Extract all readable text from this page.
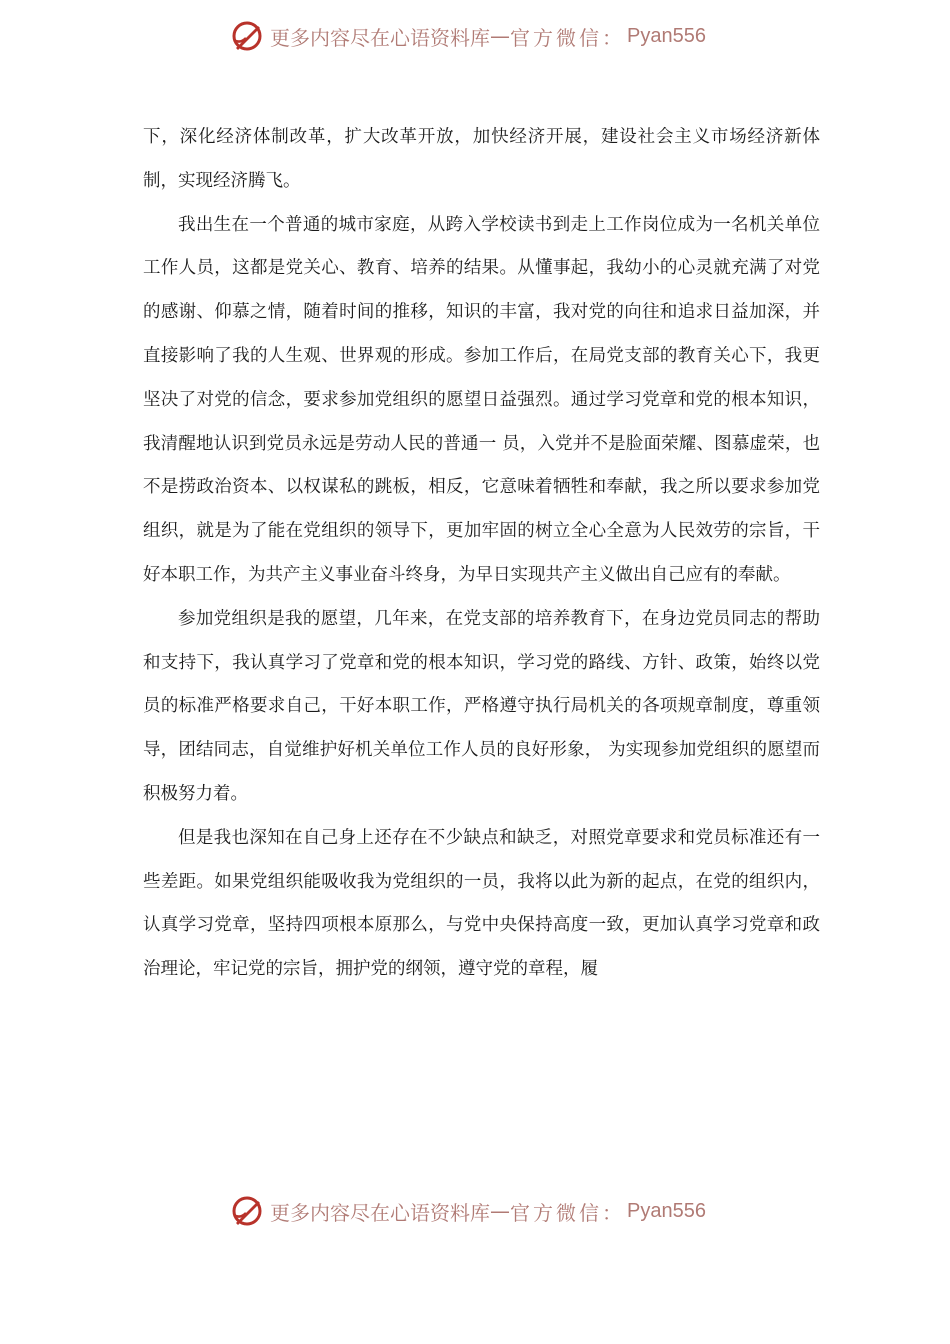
更多内容尽在心语资料库 — 官方微信： Pyan556

下，深化经济体制改革，扩大改革开放，加快经济开展，建设社会主义市场经济新体制，实现经济腾飞。

我出生在一个普通的城市家庭，从跨入学校读书到走上工作岗位成为一名机关单位工作人员，这都是党关心、教育、培养的结果。从懂事起，我幼小的心灵就充满了对党的感谢、仰慕之情，随着时间的推移，知识的丰富，我对党的向往和追求日益加深，并直接影响了我的人生观、世界观的形成。参加工作后，在局党支部的教育关心下，我更坚决了对党的信念，要求参加党组织的愿望日益强烈。通过学习党章和党的根本知识，我清醒地认识到党员永远是劳动人民的普通一 员，入党并不是脸面荣耀、图慕虚荣，也不是捞政治资本、以权谋私的跳板，相反，它意味着牺牲和奉献，我之所以要求参加党组织，就是为了能在党组织的领导下，更加牢固的树立全心全意为人民效劳的宗旨，干好本职工作，为共产主义事业奋斗终身，为早日实现共产主义做出自己应有的奉献。

参加党组织是我的愿望，几年来，在党支部的培养教育下，在身边党员同志的帮助和支持下，我认真学习了党章和党的根本知识，学习党的路线、方针、政策，始终以党员的标准严格要求自己，干好本职工作，严格遵守执行局机关的各项规章制度，尊重领导，团结同志，自觉维护好机关单位工作人员的良好形象， 为实现参加党组织的愿望而积极努力着。

但是我也深知在自己身上还存在不少缺点和缺乏，对照党章要求和党员标准还有一些差距。如果党组织能吸收我为党组织的一员，我将以此为新的起点，在党的组织内，认真学习党章，坚持四项根本原那么，与党中央保持高度一致，更加认真学习党章和政治理论，牢记党的宗旨，拥护党的纲领，遵守党的章程，履

更多内容尽在心语资料库 — 官方微信： Pyan556
